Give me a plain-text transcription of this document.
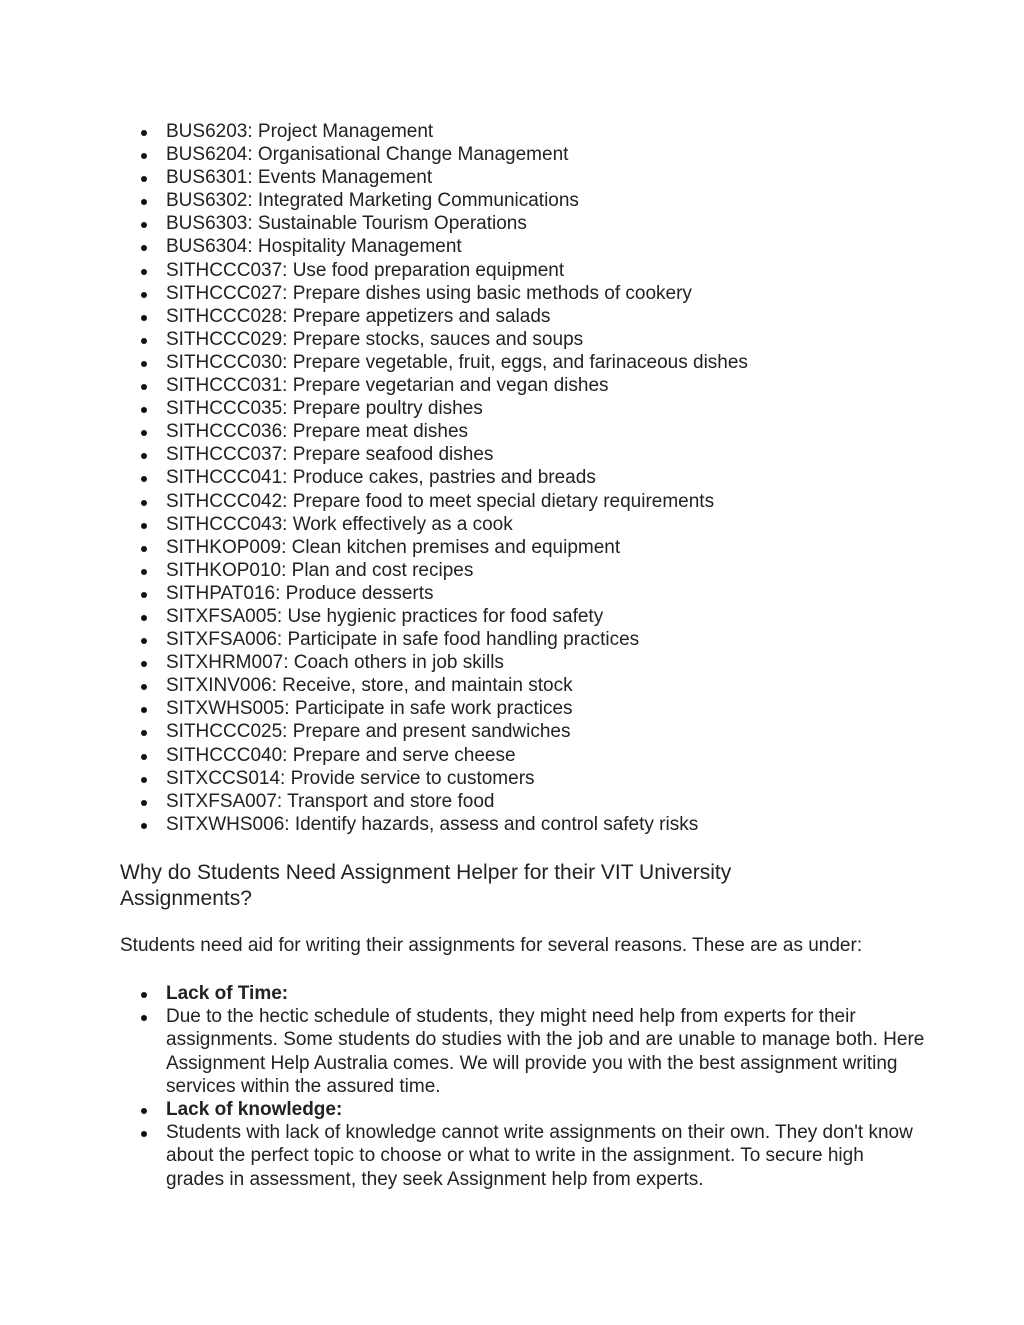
BUS6203: Project Management
BUS6204: Organisational Change Management
BUS6301: Events Management
BUS6302: Integrated Marketing Communications
BUS6303: Sustainable Tourism Operations
BUS6304: Hospitality Management
SITHCCC037: Use food preparation equipment
SITHCCC027: Prepare dishes using basic methods of cookery
SITHCCC028: Prepare appetizers and salads
SITHCCC029: Prepare stocks, sauces and soups
SITHCCC030: Prepare vegetable, fruit, eggs, and farinaceous dishes
SITHCCC031: Prepare vegetarian and vegan dishes
SITHCCC035: Prepare poultry dishes
SITHCCC036: Prepare meat dishes
SITHCCC037: Prepare seafood dishes
SITHCCC041: Produce cakes, pastries and breads
SITHCCC042: Prepare food to meet special dietary requirements
SITHCCC043: Work effectively as a cook
SITHKOP009: Clean kitchen premises and equipment
SITHKOP010: Plan and cost recipes
SITHPAT016: Produce desserts
SITXFSA005: Use hygienic practices for food safety
SITXFSA006: Participate in safe food handling practices
SITXHRM007: Coach others in job skills
SITXINV006: Receive, store, and maintain stock
SITXWHS005: Participate in safe work practices
SITHCCC025: Prepare and present sandwiches
SITHCCC040: Prepare and serve cheese
SITXCCS014: Provide service to customers
SITXFSA007: Transport and store food
SITXWHS006: Identify hazards, assess and control safety risks
Why do Students Need Assignment Helper for their VIT University Assignments?

Students need aid for writing their assignments for several reasons. These are as under:

Lack of Time:
Due to the hectic schedule of students, they might need help from experts for their assignments. Some students do studies with the job and are unable to manage both. Here Assignment Help Australia comes. We will provide you with the best assignment writing services within the assured time.
Lack of knowledge:
Students with lack of knowledge cannot write assignments on their own. They don't know about the perfect topic to choose or what to write in the assignment. To secure high grades in assessment, they seek Assignment help from experts.
